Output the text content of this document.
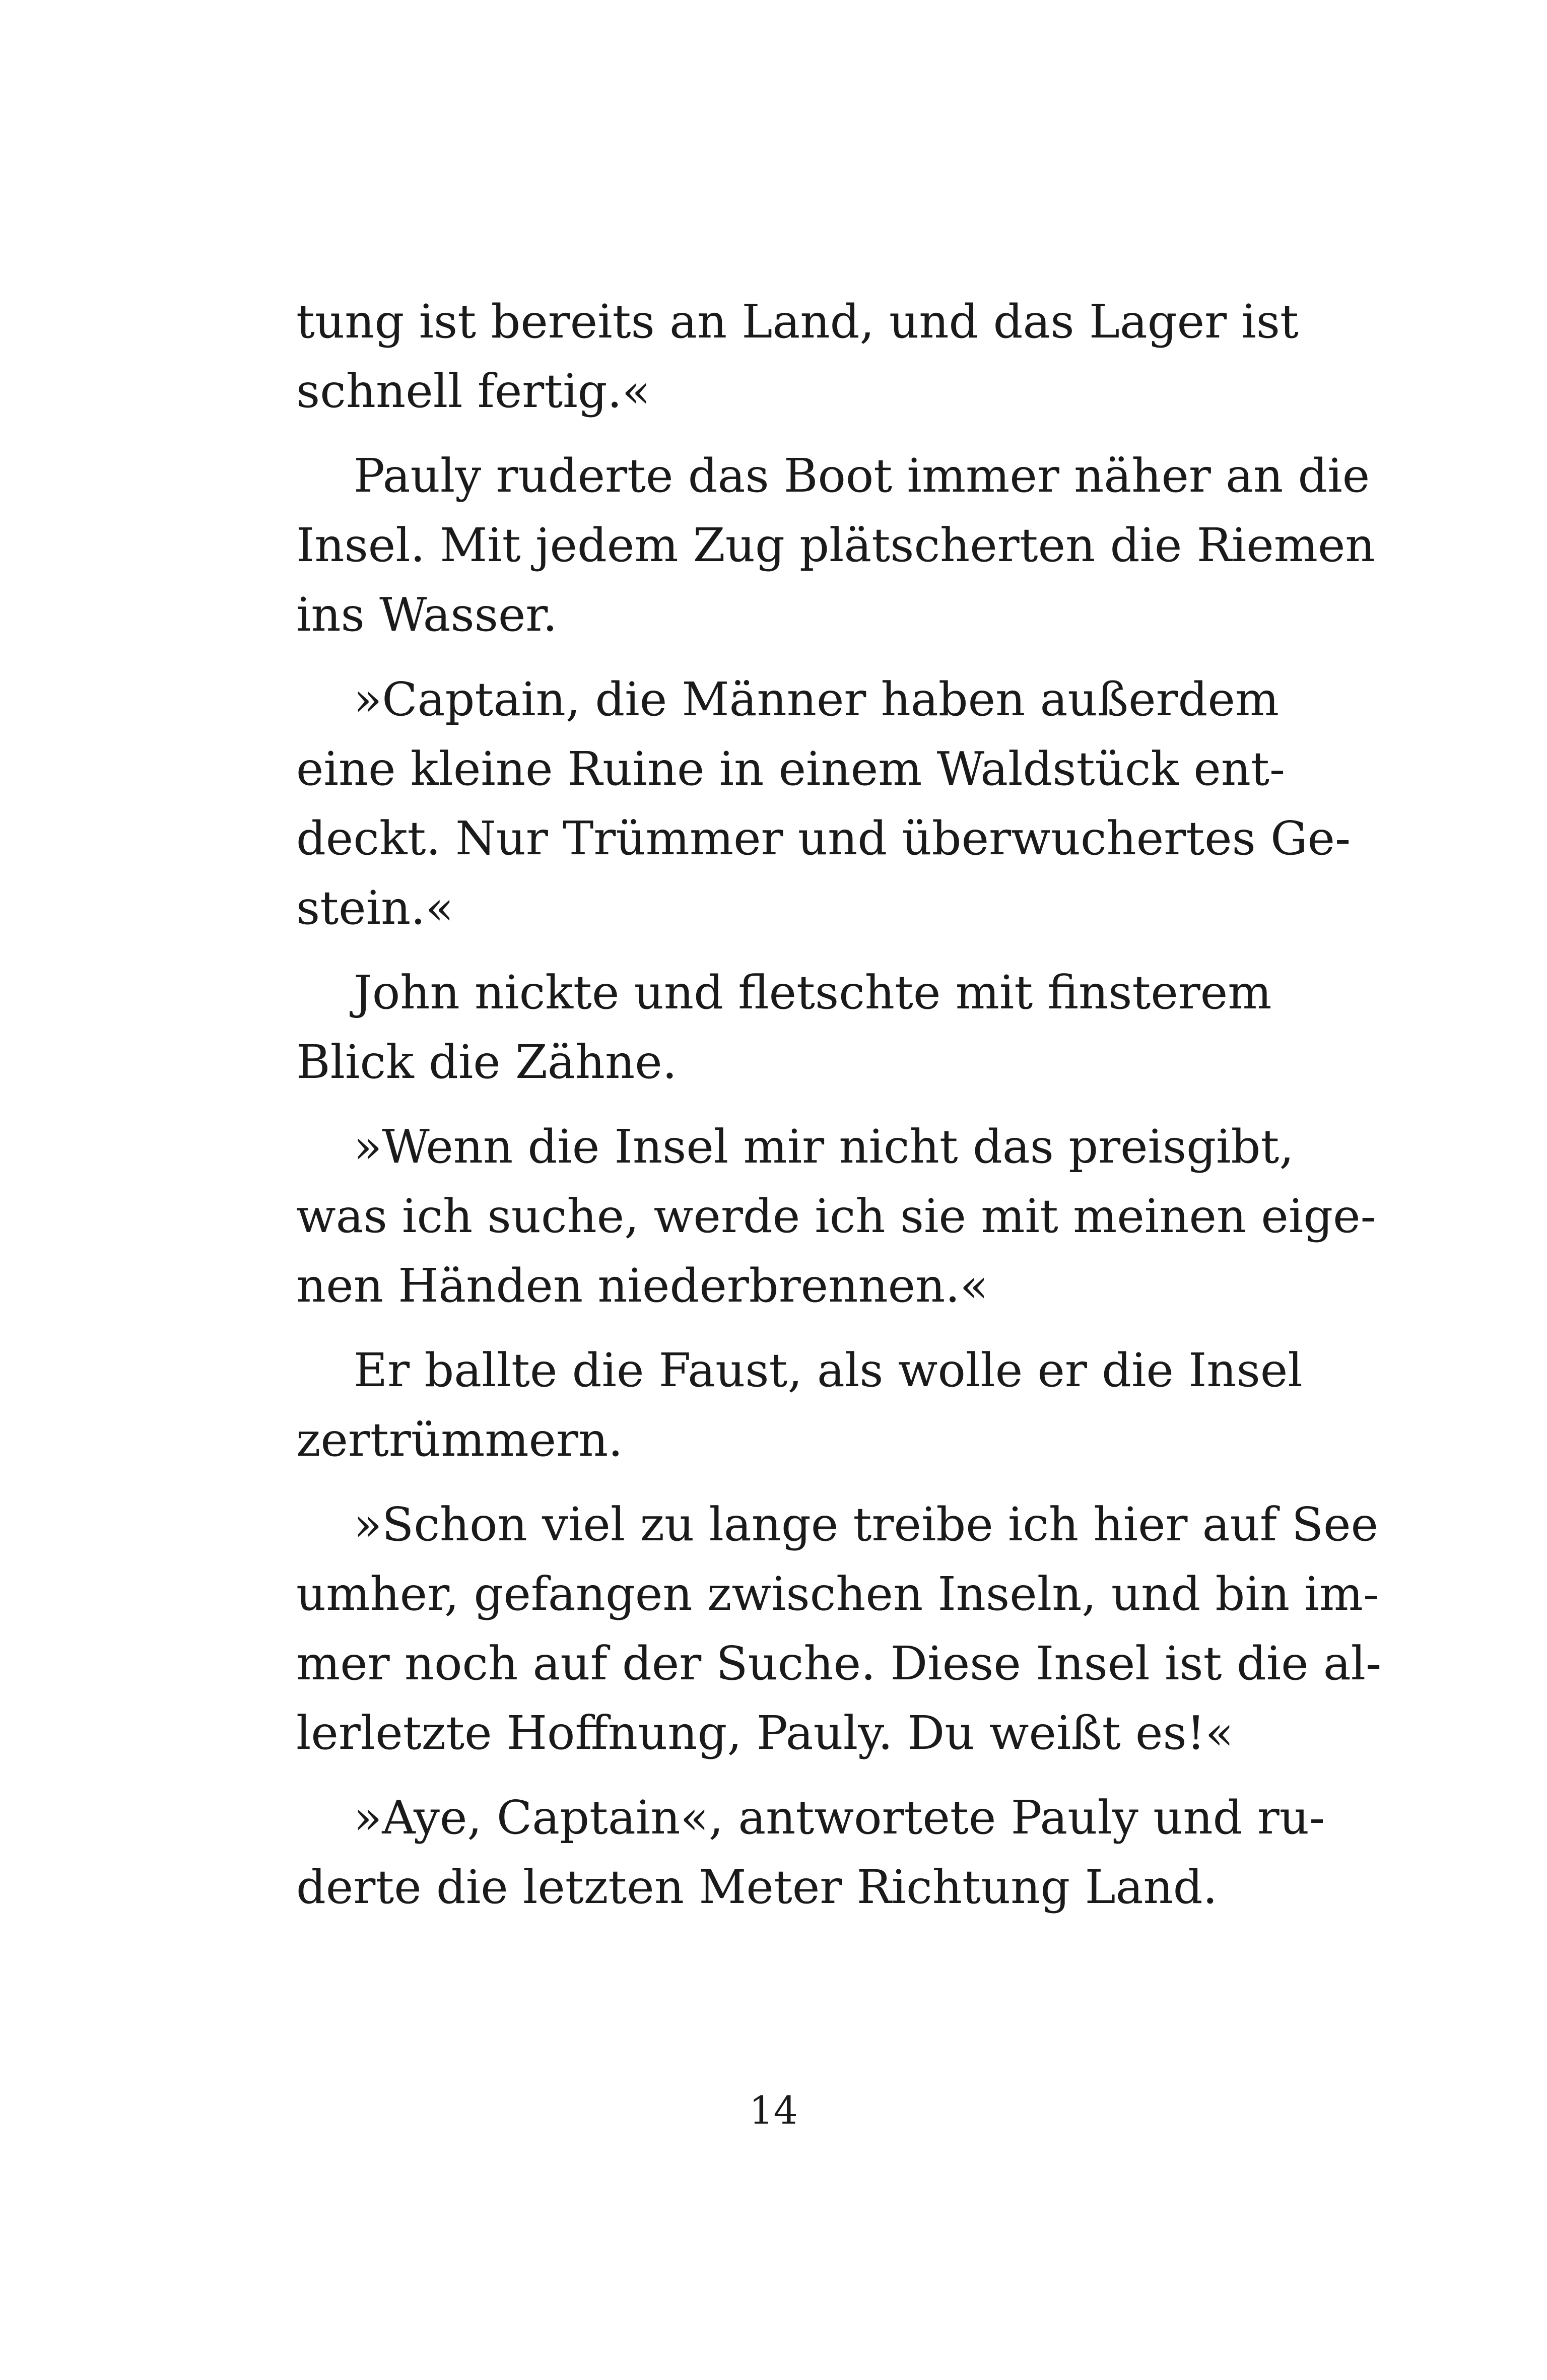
tung ist bereits an Land, und das Lager ist
schnell fertig.«
Pauly ruderte das Boot immer näher an die
Insel. Mit jedem Zug plätscherten die Riemen
ins Wasser.
»Captain, die Männer haben außerdem
eine kleine Ruine in einem Waldstück ent-
deckt. Nur Trümmer und überwuchertes Ge-
stein.«
John nickte und fletschte mit finsterem
Blick die Zähne.
»Wenn die Insel mir nicht das preisgibt,
was ich suche, werde ich sie mit meinen eige-
nen Händen niederbrennen.«
Er ballte die Faust, als wolle er die Insel
zertrümmern.
»Schon viel zu lange treibe ich hier auf See
umher, gefangen zwischen Inseln, und bin im-
mer noch auf der Suche. Diese Insel ist die al-
lerletzte Hoffnung, Pauly. Du weißt es!«
»Aye, Captain«, antwortete Pauly und ru-
derte die letzten Meter Richtung Land.
14
